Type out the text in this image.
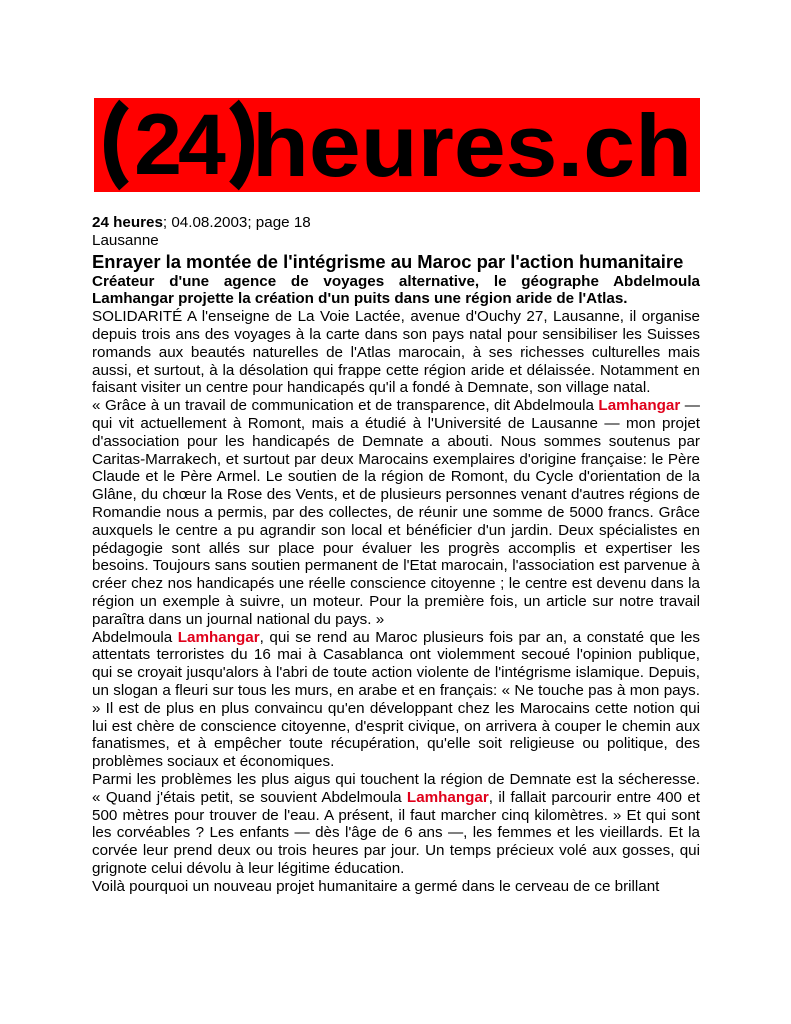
24 heures.ch

24 heures; 04.08.2003; page 18

Lausanne

Enrayer la montée de l'intégrisme au Maroc par l'action humanitaire

Créateur d'une agence de voyages alternative, le géographe Abdelmoula Lamhangar projette la création d'un puits dans une région aride de l'Atlas.

SOLIDARITÉ A l'enseigne de La Voie Lactée, avenue d'Ouchy 27, Lausanne, il organise depuis trois ans des voyages à la carte dans son pays natal pour sensibiliser les Suisses romands aux beautés naturelles de l'Atlas marocain, à ses richesses culturelles mais aussi, et surtout, à la désolation qui frappe cette région aride et délaissée. Notamment en faisant visiter un centre pour handicapés qu'il a fondé à Demnate, son village natal.

« Grâce à un travail de communication et de transparence, dit Abdelmoula Lamhangar — qui vit actuellement à Romont, mais a étudié à l'Université de Lausanne — mon projet d'association pour les handicapés de Demnate a abouti. Nous sommes soutenus par Caritas-Marrakech, et surtout par deux Marocains exemplaires d'origine française: le Père Claude et le Père Armel. Le soutien de la région de Romont, du Cycle d'orientation de la Glâne, du chœur la Rose des Vents, et de plusieurs personnes venant d'autres régions de Romandie nous a permis, par des collectes, de réunir une somme de 5000 francs. Grâce auxquels le centre a pu agrandir son local et bénéficier d'un jardin. Deux spécialistes en pédagogie sont allés sur place pour évaluer les progrès accomplis et expertiser les besoins. Toujours sans soutien permanent de l'Etat marocain, l'association est parvenue à créer chez nos handicapés une réelle conscience citoyenne ; le centre est devenu dans la région un exemple à suivre, un moteur. Pour la première fois, un article sur notre travail paraîtra dans un journal national du pays. »

Abdelmoula Lamhangar, qui se rend au Maroc plusieurs fois par an, a constaté que les attentats terroristes du 16 mai à Casablanca ont violemment secoué l'opinion publique, qui se croyait jusqu'alors à l'abri de toute action violente de l'intégrisme islamique. Depuis, un slogan a fleuri sur tous les murs, en arabe et en français: « Ne touche pas à mon pays. » Il est de plus en plus convaincu qu'en développant chez les Marocains cette notion qui lui est chère de conscience citoyenne, d'esprit civique, on arrivera à couper le chemin aux fanatismes, et à empêcher toute récupération, qu'elle soit religieuse ou politique, des problèmes sociaux et économiques.

Parmi les problèmes les plus aigus qui touchent la région de Demnate est la sécheresse. « Quand j'étais petit, se souvient Abdelmoula Lamhangar, il fallait parcourir entre 400 et 500 mètres pour trouver de l'eau. A présent, il faut marcher cinq kilomètres. » Et qui sont les corvéables ? Les enfants — dès l'âge de 6 ans —, les femmes et les vieillards. Et la corvée leur prend deux ou trois heures par jour. Un temps précieux volé aux gosses, qui grignote celui dévolu à leur légitime éducation.

Voilà pourquoi un nouveau projet humanitaire a germé dans le cerveau de ce brillant
